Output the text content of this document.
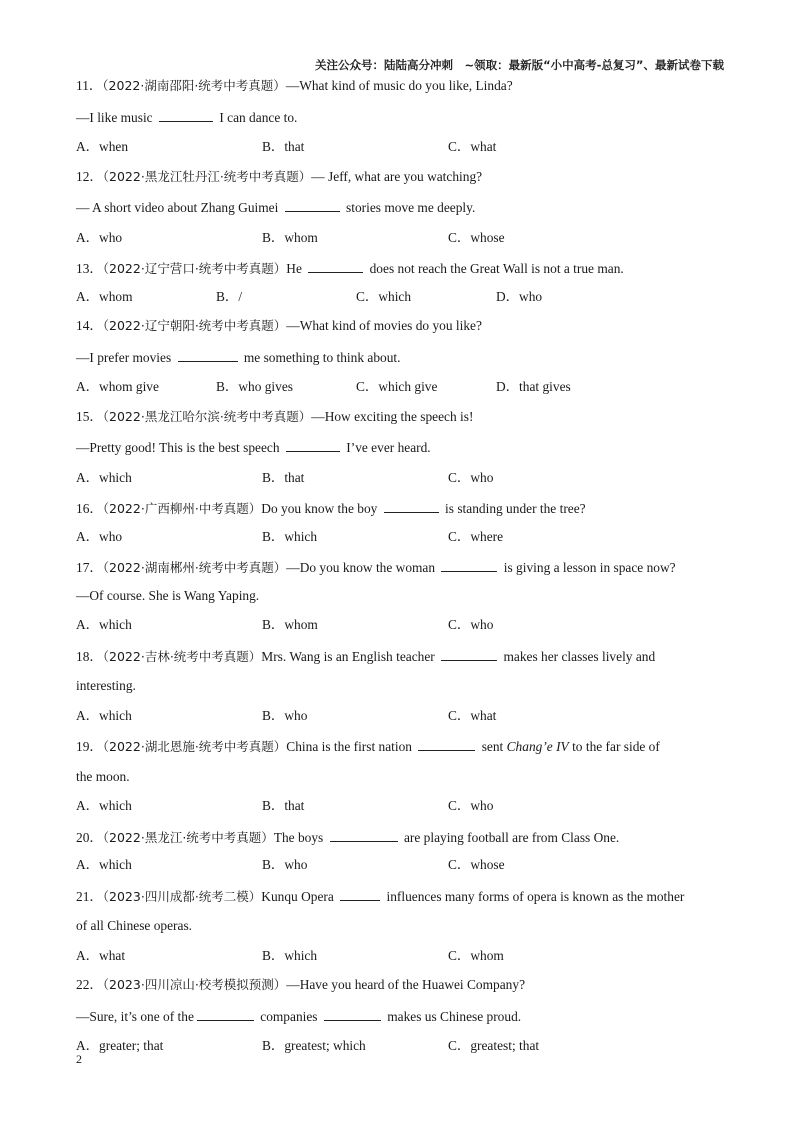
关注公众号：陆陆高分冲刺　~领取：最新版“小中高考-总复习”、最新试卷下载
11．（2022·湖南邵阳·统考中考真题）—What kind of music do you like, Linda?
—I like music	I can dance to.
A．when	B．that	C．what
12．（2022·黑龙江牡丹江·统考中考真题）— Jeff, what are you watching?
— A short video about Zhang Guimei	stories move me deeply.
A．who	B．whom	C．whose
13．（2022·辽宁营口·统考中考真题）He	does not reach the Great Wall is not a true man.
A．whom	B．/	C．which	D．who
14．（2022·辽宁朝阳·统考中考真题）—What kind of movies do you like?
—I prefer movies	me something to think about.
A．whom give	B．who gives	C．which give	D．that gives
15．（2022·黑龙江哈尔滨·统考中考真题）—How exciting the speech is!
—Pretty good! This is the best speech	I’ve ever heard.
A．which	B．that	C．who
16．（2022·广西柳州·中考真题）Do you know the boy	is standing under the tree?
A．who	B．which	C．where
17．（2022·湖南郴州·统考中考真题）—Do you know the woman	is giving a lesson in space now?
—Of course. She is Wang Yaping.
A．which	B．whom	C．who
18．（2022·吉林·统考中考真题）Mrs. Wang is an English teacher	makes her classes lively and
interesting.
A．which	B．who	C．what
19．（2022·湖北恩施·统考中考真题）China is the first nation	sent Chang’e IV to the far side of
the moon.
A．which	B．that	C．who
20．（2022·黑龙江·统考中考真题）The boys	are playing football are from Class One.
A．which	B．who	C．whose
21．（2023·四川成都·统考二模）Kunqu Opera	influences many forms of opera is known as the mother
of all Chinese operas.
A．what	B．which	C．whom
22．（2023·四川凉山·校考模拟预测）—Have you heard of the Huawei Company?
—Sure, it’s one of the	companies	makes us Chinese proud.
A．greater; that	B．greatest; which	C．greatest; that
2
